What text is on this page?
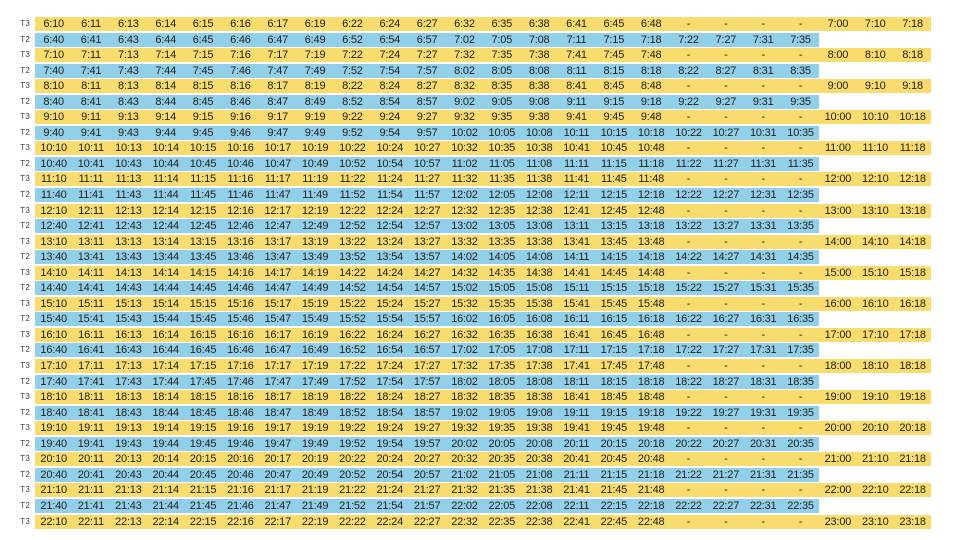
T3	6:10	6:11	6:13	6:14	6:15	6:16	6:17	6:19	6:22	6:24	6:27	6:32	6:35	6:38	6:41	6:45	6:48	-	-	-	-	7:00	7:10	7:18
T2	6:40	6:41	6:43	6:44	6:45	6:46	6:47	6:49	6:52	6:54	6:57	7:02	7:05	7:08	7:11	7:15	7:18	7:22	7:27	7:31	7:35
T3	7:10	7:11	7:13	7:14	7:15	7:16	7:17	7:19	7:22	7:24	7:27	7:32	7:35	7:38	7:41	7:45	7:48	-	-	-	-	8:00	8:10	8:18
T2	7:40	7:41	7:43	7:44	7:45	7:46	7:47	7:49	7:52	7:54	7:57	8:02	8:05	8:08	8:11	8:15	8:18	8:22	8:27	8:31	8:35
T3	8:10	8:11	8:13	8:14	8:15	8:16	8:17	8:19	8:22	8:24	8:27	8:32	8:35	8:38	8:41	8:45	8:48	-	-	-	-	9:00	9:10	9:18
T2	8:40	8:41	8:43	8:44	8:45	8:46	8:47	8:49	8:52	8:54	8:57	9:02	9:05	9:08	9:11	9:15	9:18	9:22	9:27	9:31	9:35
T3	9:10	9:11	9:13	9:14	9:15	9:16	9:17	9:19	9:22	9:24	9:27	9:32	9:35	9:38	9:41	9:45	9:48	-	-	-	-	10:00 10:10 10:18
T2	9:40	9:41	9:43	9:44	9:45	9:46	9:47	9:49	9:52	9:54	9:57	10:02 10:05 10:08	10:11	10:15 10:18 10:22 10:27 10:31 10:35
T3 10:10	10:11	10:13 10:14 10:15 10:16 10:17 10:19 10:22 10:24 10:27 10:32 10:35 10:38 10:41 10:45 10:48	-	-	-	-	11:00	11:10	11:18
T2 10:40 10:41 10:43 10:44 10:45 10:46 10:47 10:49 10:52 10:54 10:57	11:02	11:05	11:08	11:11	11:15	11:18	11:22	11:27	11:31	11:35
T3 11:10	11:11	11:13	11:14	11:15	11:16	11:17	11:19	11:22	11:24	11:27	11:32	11:35	11:38	11:41	11:45	11:48	-	-	-	-	12:00 12:10 12:18
T2 11:40	11:41	11:43	11:44	11:45	11:46	11:47	11:49	11:52	11:54	11:57	12:02 12:05 12:08	12:11	12:15 12:18 12:22 12:27 12:31 12:35
T3 12:10	12:11	12:13 12:14 12:15 12:16 12:17 12:19 12:22 12:24 12:27 12:32 12:35 12:38 12:41 12:45 12:48	-	-	-	-	13:00 13:10 13:18
T2 12:40 12:41 12:43 12:44 12:45 12:46 12:47 12:49 12:52 12:54 12:57 13:02 13:05 13:08	13:11	13:15 13:18 13:22 13:27 13:31 13:35
T3 13:10	13:11	13:13 13:14 13:15 13:16 13:17 13:19 13:22 13:24 13:27 13:32 13:35 13:38 13:41 13:45 13:48	-	-	-	-	14:00 14:10 14:18
T2 13:40 13:41 13:43 13:44 13:45 13:46 13:47 13:49 13:52 13:54 13:57 14:02 14:05 14:08	14:11	14:15 14:18 14:22 14:27 14:31 14:35
T3 14:10	14:11	14:13 14:14 14:15 14:16 14:17 14:19 14:22 14:24 14:27 14:32 14:35 14:38 14:41 14:45 14:48	-	-	-	-	15:00 15:10 15:18
T2 14:40 14:41 14:43 14:44 14:45 14:46 14:47 14:49 14:52 14:54 14:57 15:02 15:05 15:08	15:11	15:15 15:18 15:22 15:27 15:31 15:35
T3 15:10	15:11	15:13 15:14 15:15 15:16 15:17 15:19 15:22 15:24 15:27 15:32 15:35 15:38 15:41 15:45 15:48	-	-	-	-	16:00 16:10 16:18
T2 15:40 15:41 15:43 15:44 15:45 15:46 15:47 15:49 15:52 15:54 15:57 16:02 16:05 16:08	16:11	16:15 16:18 16:22 16:27 16:31 16:35
T3 16:10	16:11	16:13 16:14 16:15 16:16 16:17 16:19 16:22 16:24 16:27 16:32 16:35 16:38 16:41 16:45 16:48	-	-	-	-	17:00 17:10 17:18
T2 16:40 16:41 16:43 16:44 16:45 16:46 16:47 16:49 16:52 16:54 16:57 17:02 17:05 17:08	17:11	17:15 17:18 17:22 17:27 17:31 17:35
T3 17:10	17:11	17:13 17:14 17:15 17:16 17:17 17:19 17:22 17:24 17:27 17:32 17:35 17:38 17:41 17:45 17:48	-	-	-	-	18:00 18:10 18:18
T2 17:40 17:41 17:43 17:44 17:45 17:46 17:47 17:49 17:52 17:54 17:57 18:02 18:05 18:08	18:11	18:15 18:18 18:22 18:27 18:31 18:35
T3 18:10	18:11	18:13 18:14 18:15 18:16 18:17 18:19 18:22 18:24 18:27 18:32 18:35 18:38 18:41 18:45 18:48	-	-	-	-	19:00 19:10 19:18
T2 18:40 18:41 18:43 18:44 18:45 18:46 18:47 18:49 18:52 18:54 18:57 19:02 19:05 19:08	19:11	19:15 19:18 19:22 19:27 19:31 19:35
T3 19:10	19:11	19:13 19:14 19:15 19:16 19:17 19:19 19:22 19:24 19:27 19:32 19:35 19:38 19:41 19:45 19:48	-	-	-	-	20:00 20:10 20:18
T2 19:40 19:41 19:43 19:44 19:45 19:46 19:47 19:49 19:52 19:54 19:57 20:02 20:05 20:08	20:11	20:15 20:18 20:22 20:27 20:31 20:35
T3 20:10	20:11	20:13 20:14 20:15 20:16 20:17 20:19 20:22 20:24 20:27 20:32 20:35 20:38 20:41 20:45 20:48	-	-	-	-	21:00 21:10 21:18
T2 20:40 20:41 20:43 20:44 20:45 20:46 20:47 20:49 20:52 20:54 20:57 21:02 21:05 21:08	21:11	21:15 21:18 21:22 21:27 21:31 21:35
T3 21:10	21:11	21:13 21:14 21:15 21:16 21:17 21:19 21:22 21:24 21:27 21:32 21:35 21:38 21:41 21:45 21:48	-	-	-	-	22:00 22:10 22:18
T2 21:40 21:41 21:43 21:44 21:45 21:46 21:47 21:49 21:52 21:54 21:57 22:02 22:05 22:08	22:11	22:15 22:18 22:22 22:27 22:31 22:35
T3 22:10	22:11	22:13 22:14 22:15 22:16 22:17 22:19 22:22 22:24 22:27 22:32 22:35 22:38 22:41 22:45 22:48	-	-	-	-	23:00 23:10 23:18
